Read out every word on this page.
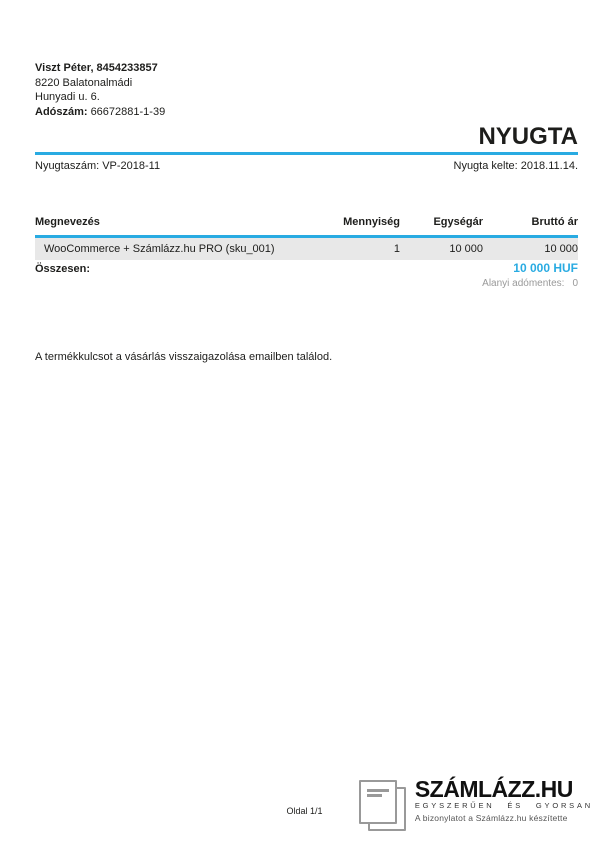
Viszt Péter, 8454233857
8220 Balatonalmádi
Hunyadi u. 6.
Adószám: 66672881-1-39
NYUGTA
Nyugtaszám: VP-2018-11	Nyugta kelte: 2018.11.14.
Megnevezés	Mennyiség	Egységár	Bruttó ár
WooCommerce + Számlázz.hu PRO (sku_001)	1	10 000	10 000
Összesen:	10 000 HUF
Alanyi adómentes: 0
A termékkulcsot a vásárlás visszaigazolása emailben találod.
Oldal 1/1
SZÁMLÁZZ.HU
EGYSZERŰEN ÉS GYORSAN
A bizonylatot a Számlázz.hu készítette
